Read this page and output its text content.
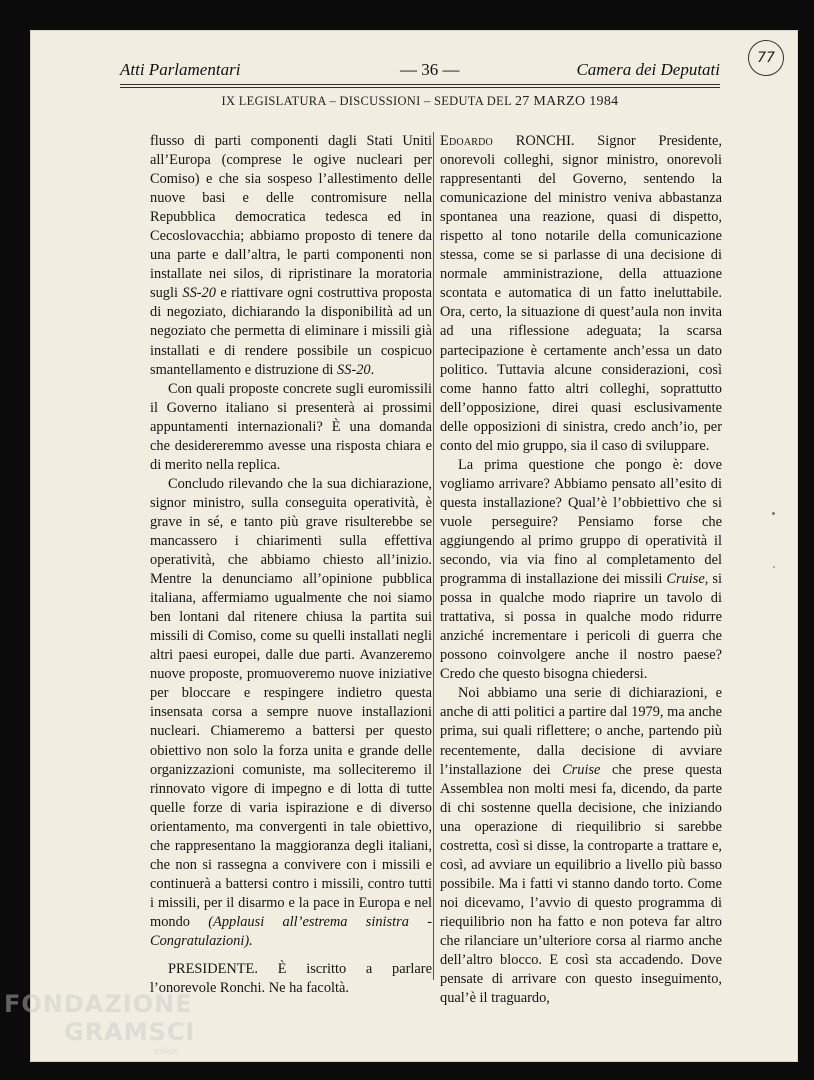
Atti Parlamentari	— 36 —	Camera dei Deputati
IX LEGISLATURA – DISCUSSIONI – SEDUTA DEL 27 MARZO 1984
77

flusso di parti componenti dagli Stati Uniti all’Europa (comprese le ogive nucleari per Comiso) e che sia sospeso l’allestimento delle nuove basi e delle contromisure nella Repubblica democratica tedesca ed in Cecoslovacchia; abbiamo proposto di tenere da una parte e dall’altra, le parti componenti non installate nei silos, di ripristinare la moratoria sugli SS-20 e riattivare ogni costruttiva proposta di negoziato, dichiarando la disponibilità ad un negoziato che permetta di eliminare i missili già installati e di rendere possibile un cospicuo smantellamento e distruzione di SS-20.

Con quali proposte concrete sugli euromissili il Governo italiano si presenterà ai prossimi appuntamenti internazionali? È una domanda che desidereremmo avesse una risposta chiara e di merito nella replica.

Concludo rilevando che la sua dichiarazione, signor ministro, sulla conseguita operatività, è grave in sé, e tanto più grave risulterebbe se mancassero i chiarimenti sulla effettiva operatività, che abbiamo chiesto all’inizio. Mentre la denunciamo all’opinione pubblica italiana, affermiamo ugualmente che noi siamo ben lontani dal ritenere chiusa la partita sui missili di Comiso, come su quelli installati negli altri paesi europei, dalle due parti. Avanzeremo nuove proposte, promuoveremo nuove iniziative per bloccare e respingere indietro questa insensata corsa a sempre nuove installazioni nucleari. Chiameremo a battersi per questo obiettivo non solo la forza unita e grande delle organizzazioni comuniste, ma solleciteremo il rinnovato vigore di impegno e di lotta di tutte quelle forze di varia ispirazione e di diverso orientamento, ma convergenti in tale obiettivo, che rappresentano la maggioranza degli italiani, che non si rassegna a convivere con i missili e continuerà a battersi contro i missili, contro tutti i missili, per il disarmo e la pace in Europa e nel mondo (Applausi all’estrema sinistra - Congratulazioni).

PRESIDENTE. È iscritto a parlare l’onorevole Ronchi. Ne ha facoltà.

Edoardo RONCHI. Signor Presidente, onorevoli colleghi, signor ministro, onorevoli rappresentanti del Governo, sentendo la comunicazione del ministro veniva abbastanza spontanea una reazione, quasi di dispetto, rispetto al tono notarile della comunicazione stessa, come se si parlasse di una decisione di normale amministrazione, della attuazione scontata e automatica di un fatto ineluttabile. Ora, certo, la situazione di quest’aula non invita ad una riflessione adeguata; la scarsa partecipazione è certamente anch’essa un dato politico. Tuttavia alcune considerazioni, così come hanno fatto altri colleghi, soprattutto dell’opposizione, direi quasi esclusivamente delle opposizioni di sinistra, credo anch’io, per conto del mio gruppo, sia il caso di sviluppare.

La prima questione che pongo è: dove vogliamo arrivare? Abbiamo pensato all’esito di questa installazione? Qual’è l’obbiettivo che si vuole perseguire? Pensiamo forse che aggiungendo al primo gruppo di operatività il secondo, via via fino al completamento del programma di installazione dei missili Cruise, si possa in qualche modo riaprire un tavolo di trattativa, si possa in qualche modo ridurre anziché incrementare i pericoli di guerra che possono coinvolgere anche il nostro paese? Credo che questo bisogna chiedersi.

Noi abbiamo una serie di dichiarazioni, e anche di atti politici a partire dal 1979, ma anche prima, sui quali riflettere; o anche, partendo più recentemente, dalla decisione di avviare l’installazione dei Cruise che prese questa Assemblea non molti mesi fa, dicendo, da parte di chi sostenne quella decisione, che iniziando una operazione di riequilibrio si sarebbe costretta, così si disse, la controparte a trattare e, così, ad avviare un equilibrio a livello più basso possibile. Ma i fatti vi stanno dando torto. Come noi dicevamo, l’avvio di questo programma di riequilibrio non ha fatto e non poteva far altro che rilanciare un’ulteriore corsa al riarmo anche dell’altro blocco. E così sta accadendo. Dove pensate di arrivare con questo inseguimento, qual’è il traguardo,

FONDAZIONE
GRAMSCI
onlus
